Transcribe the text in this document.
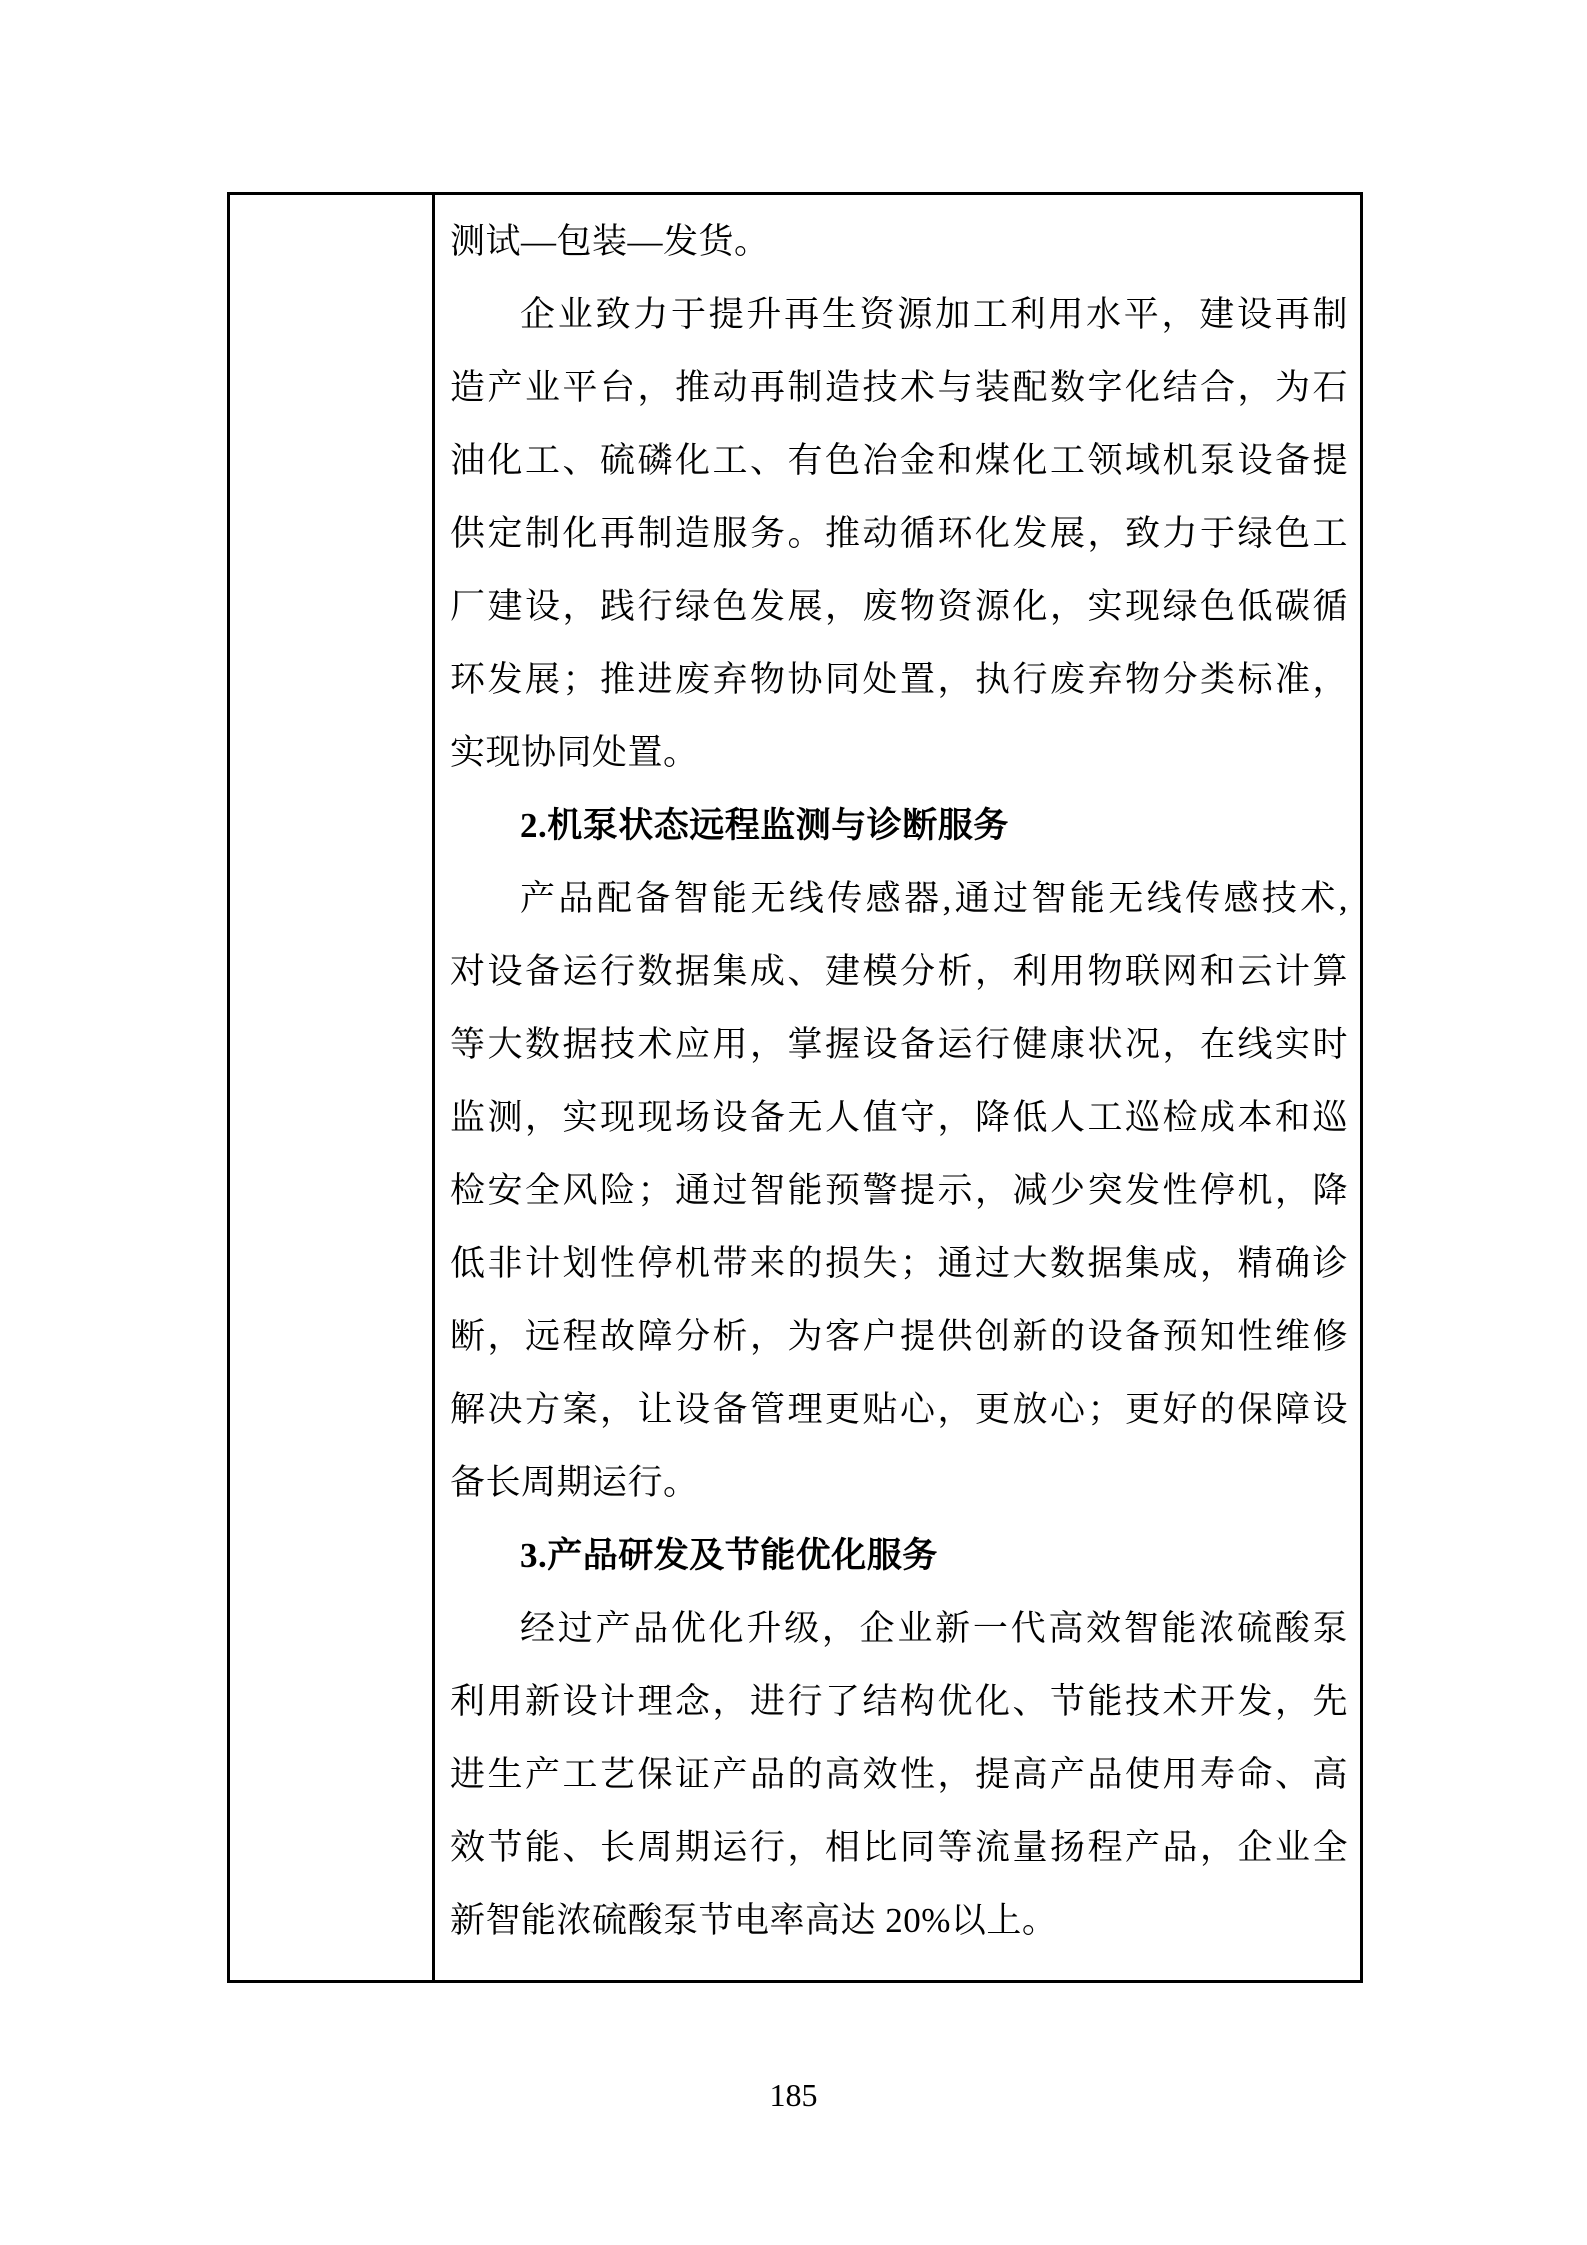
测试—包装—发货。
企业致力于提升再生资源加工利用水平，建设再制
造产业平台，推动再制造技术与装配数字化结合，为石
油化工、硫磷化工、有色冶金和煤化工领域机泵设备提
供定制化再制造服务。推动循环化发展，致力于绿色工
厂建设，践行绿色发展，废物资源化，实现绿色低碳循
环发展；推进废弃物协同处置，执行废弃物分类标准，
实现协同处置。
2.机泵状态远程监测与诊断服务
产品配备智能无线传感器,通过智能无线传感技术,
对设备运行数据集成、建模分析，利用物联网和云计算
等大数据技术应用，掌握设备运行健康状况，在线实时
监测，实现现场设备无人值守，降低人工巡检成本和巡
检安全风险；通过智能预警提示，减少突发性停机，降
低非计划性停机带来的损失；通过大数据集成，精确诊
断，远程故障分析，为客户提供创新的设备预知性维修
解决方案，让设备管理更贴心，更放心；更好的保障设
备长周期运行。
3.产品研发及节能优化服务
经过产品优化升级，企业新一代高效智能浓硫酸泵
利用新设计理念，进行了结构优化、节能技术开发，先
进生产工艺保证产品的高效性，提高产品使用寿命、高
效节能、长周期运行，相比同等流量扬程产品，企业全
新智能浓硫酸泵节电率高达 20%以上。
185
